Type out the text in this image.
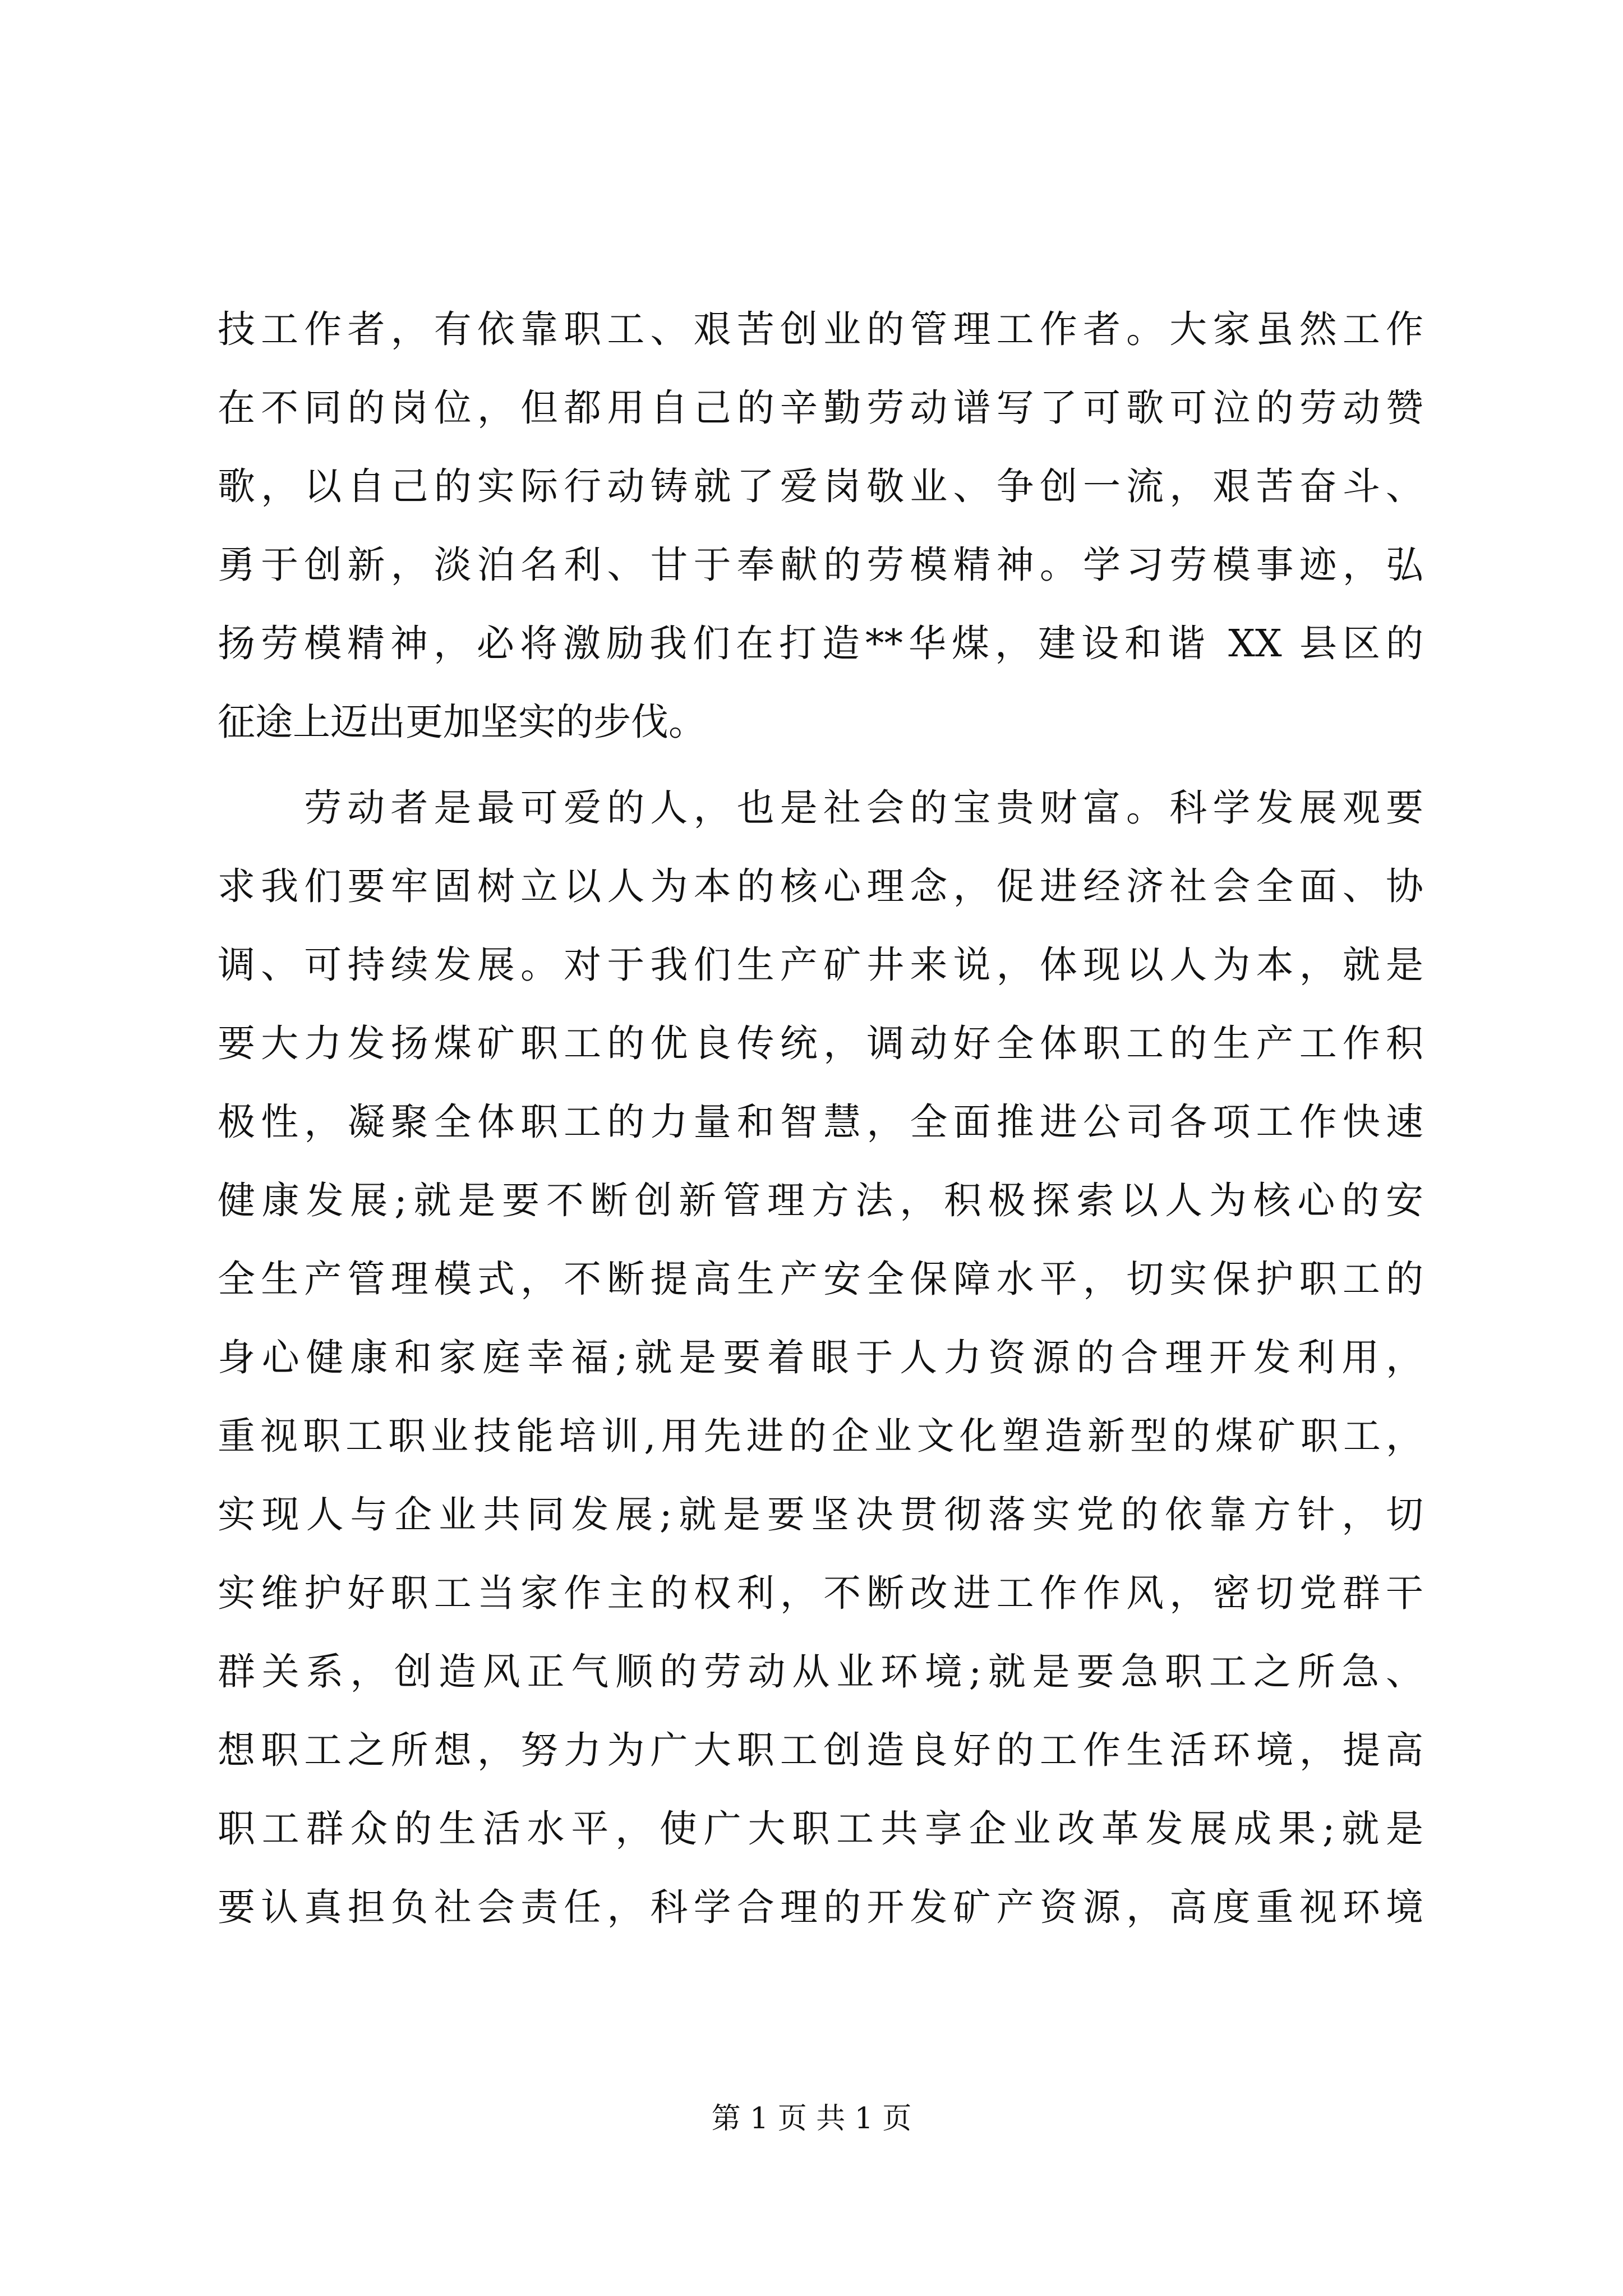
技工作者，有依靠职工、艰苦创业的管理工作者。大家虽然工作
在不同的岗位，但都用自己的辛勤劳动谱写了可歌可泣的劳动赞
歌，以自己的实际行动铸就了爱岗敬业、争创一流，艰苦奋斗、
勇于创新，淡泊名利、甘于奉献的劳模精神。学习劳模事迹，弘
扬劳模精神，必将激励我们在打造**华煤，建设和谐 XX 县区的
征途上迈出更加坚实的步伐。
劳动者是最可爱的人，也是社会的宝贵财富。科学发展观要
求我们要牢固树立以人为本的核心理念，促进经济社会全面、协
调、可持续发展。对于我们生产矿井来说，体现以人为本，就是
要大力发扬煤矿职工的优良传统，调动好全体职工的生产工作积
极性，凝聚全体职工的力量和智慧，全面推进公司各项工作快速
健康发展;就是要不断创新管理方法，积极探索以人为核心的安
全生产管理模式，不断提高生产安全保障水平，切实保护职工的
身心健康和家庭幸福;就是要着眼于人力资源的合理开发利用，
重视职工职业技能培训,用先进的企业文化塑造新型的煤矿职工，
实现人与企业共同发展;就是要坚决贯彻落实党的依靠方针，切
实维护好职工当家作主的权利，不断改进工作作风，密切党群干
群关系，创造风正气顺的劳动从业环境;就是要急职工之所急、
想职工之所想，努力为广大职工创造良好的工作生活环境，提高
职工群众的生活水平，使广大职工共享企业改革发展成果;就是
要认真担负社会责任，科学合理的开发矿产资源，高度重视环境
第 1 页 共 1 页
